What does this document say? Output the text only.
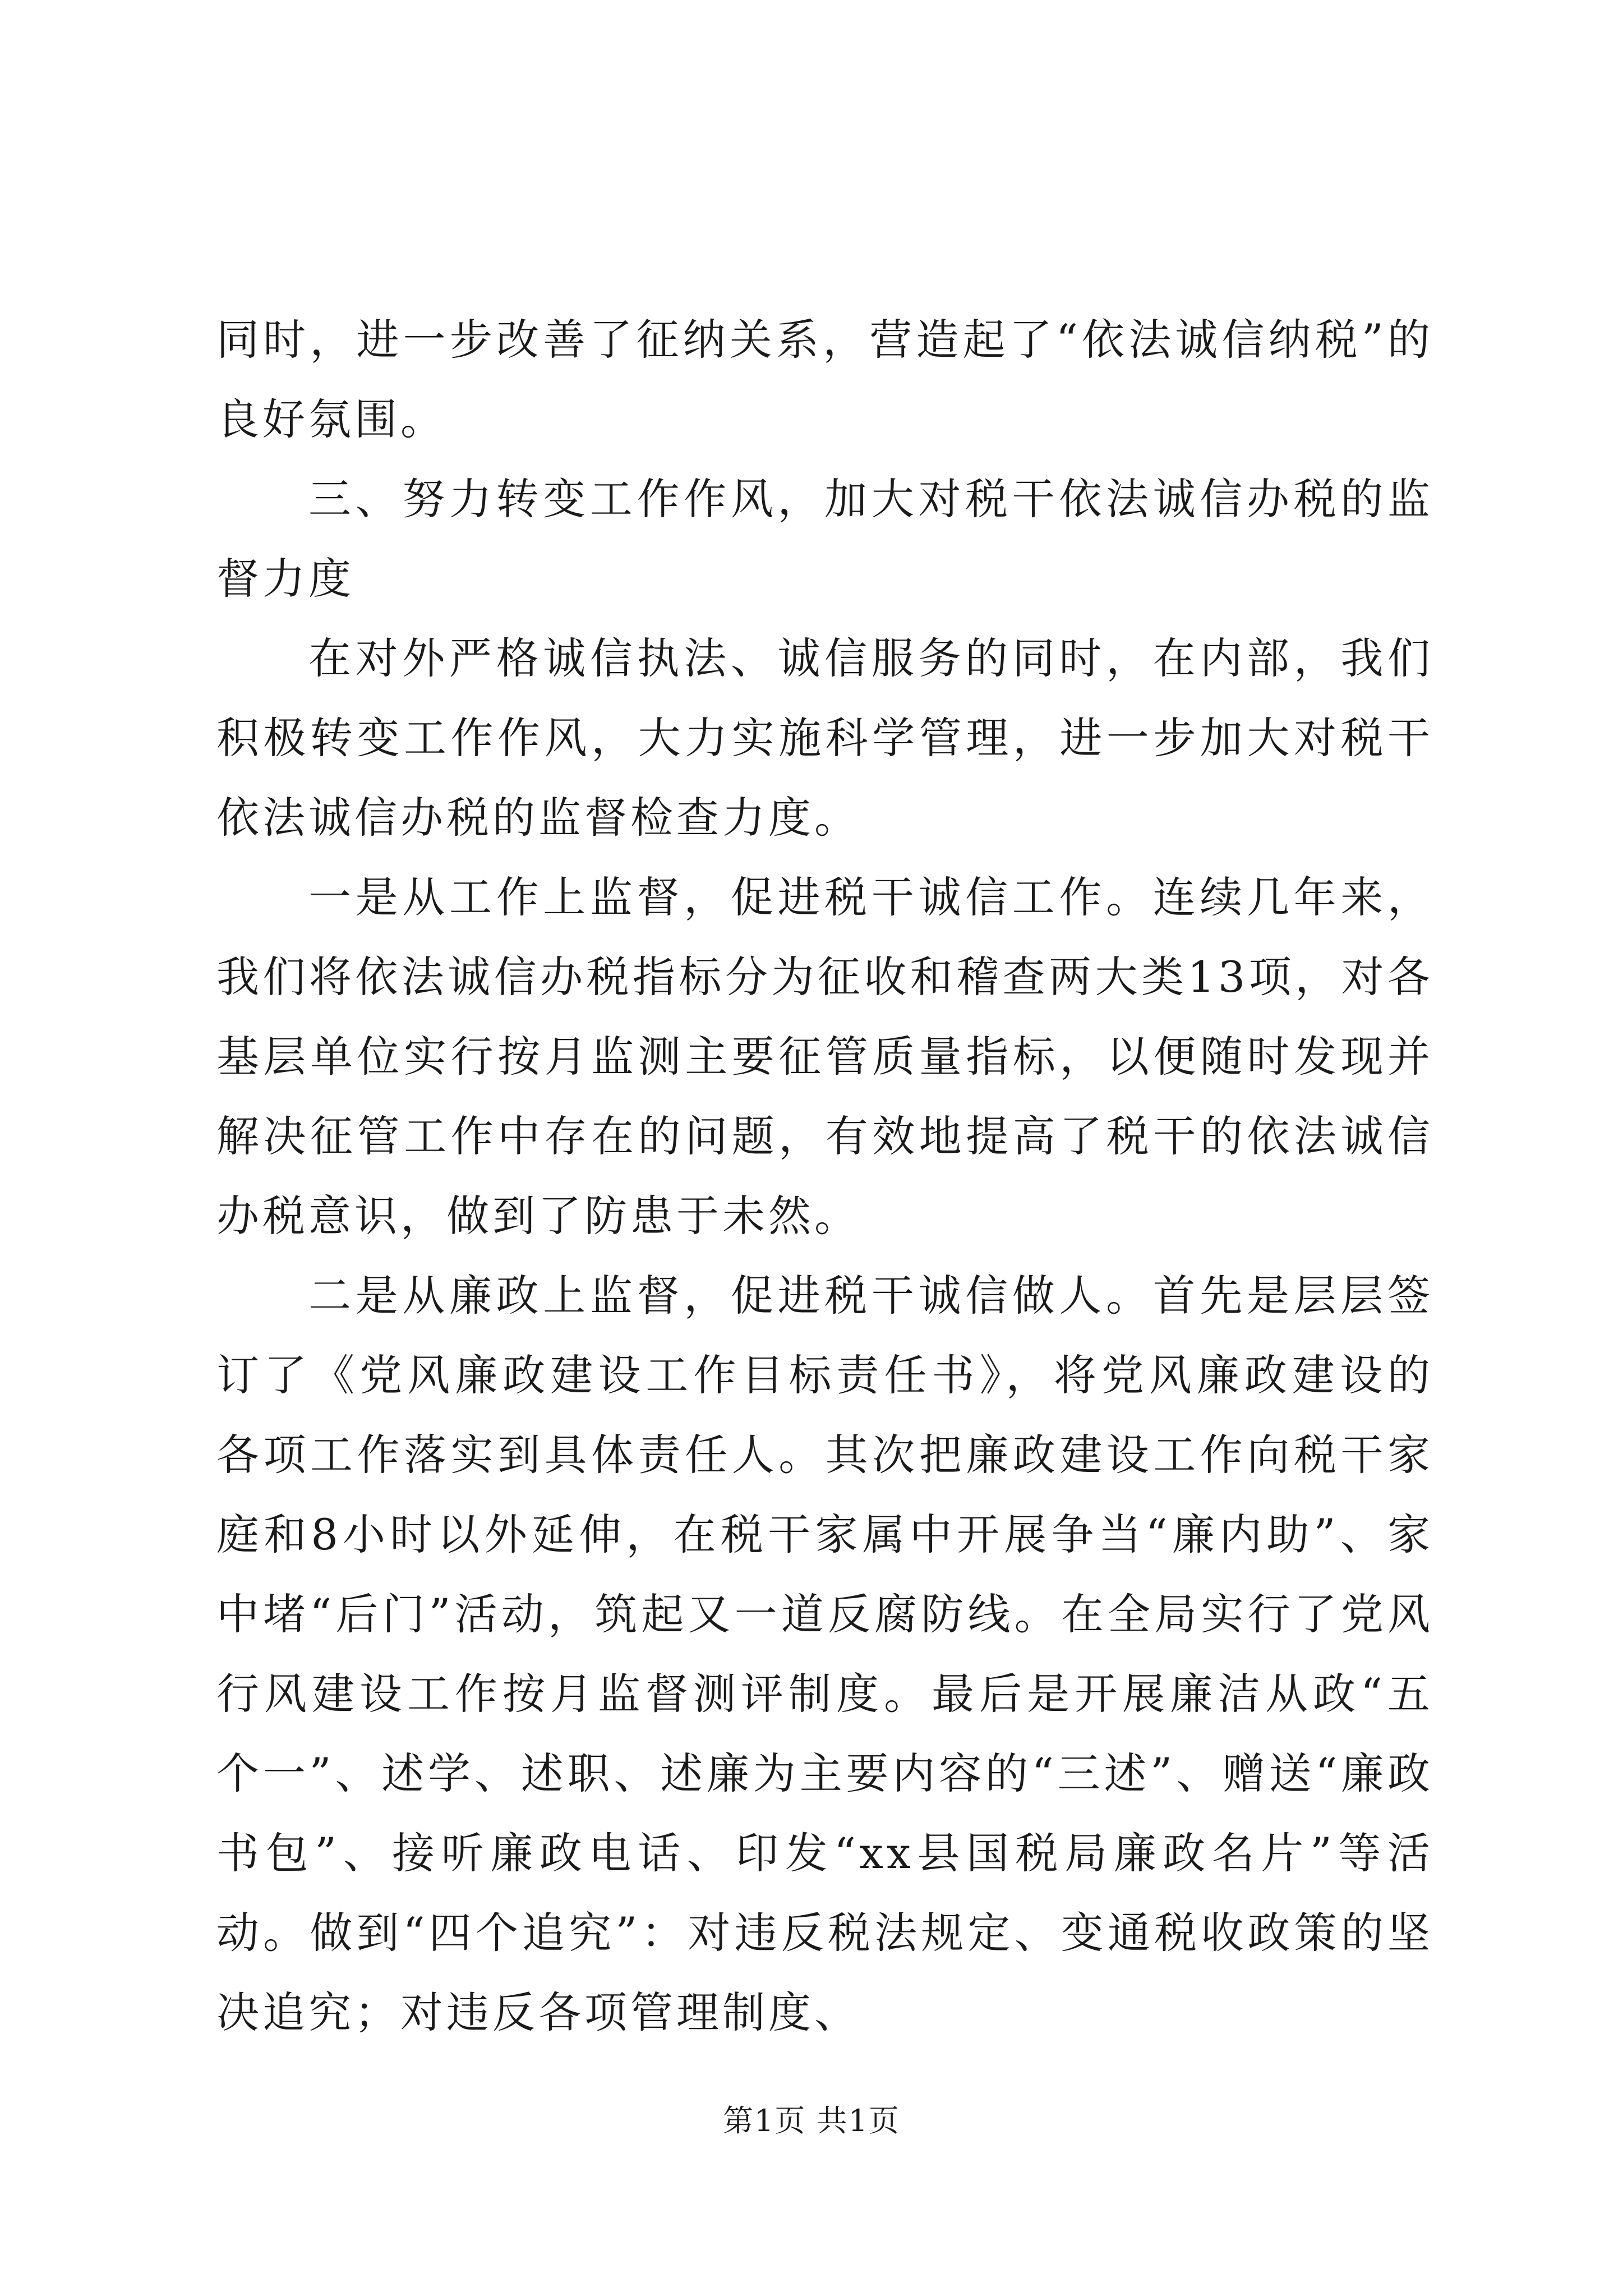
同时，进一步改善了征纳关系，营造起了“依法诚信纳税”的良好氛围。

三、努力转变工作作风，加大对税干依法诚信办税的监督力度

在对外严格诚信执法、诚信服务的同时，在内部，我们积极转变工作作风，大力实施科学管理，进一步加大对税干依法诚信办税的监督检查力度。

一是从工作上监督，促进税干诚信工作。连续几年来，我们将依法诚信办税指标分为征收和稽查两大类13项，对各基层单位实行按月监测主要征管质量指标，以便随时发现并解决征管工作中存在的问题，有效地提高了税干的依法诚信办税意识，做到了防患于未然。

二是从廉政上监督，促进税干诚信做人。首先是层层签订了《党风廉政建设工作目标责任书》，将党风廉政建设的各项工作落实到具体责任人。其次把廉政建设工作向税干家庭和8小时以外延伸，在税干家属中开展争当“廉内助”、家中堵“后门”活动，筑起又一道反腐防线。在全局实行了党风行风建设工作按月监督测评制度。最后是开展廉洁从政“五个一”、述学、述职、述廉为主要内容的“三述”、赠送“廉政书包”、接听廉政电话、印发“xx县国税局廉政名片”等活动。做到“四个追究”：对违反税法规定、变通税收政策的坚决追究；对违反各项管理制度、

第1页 共1页
